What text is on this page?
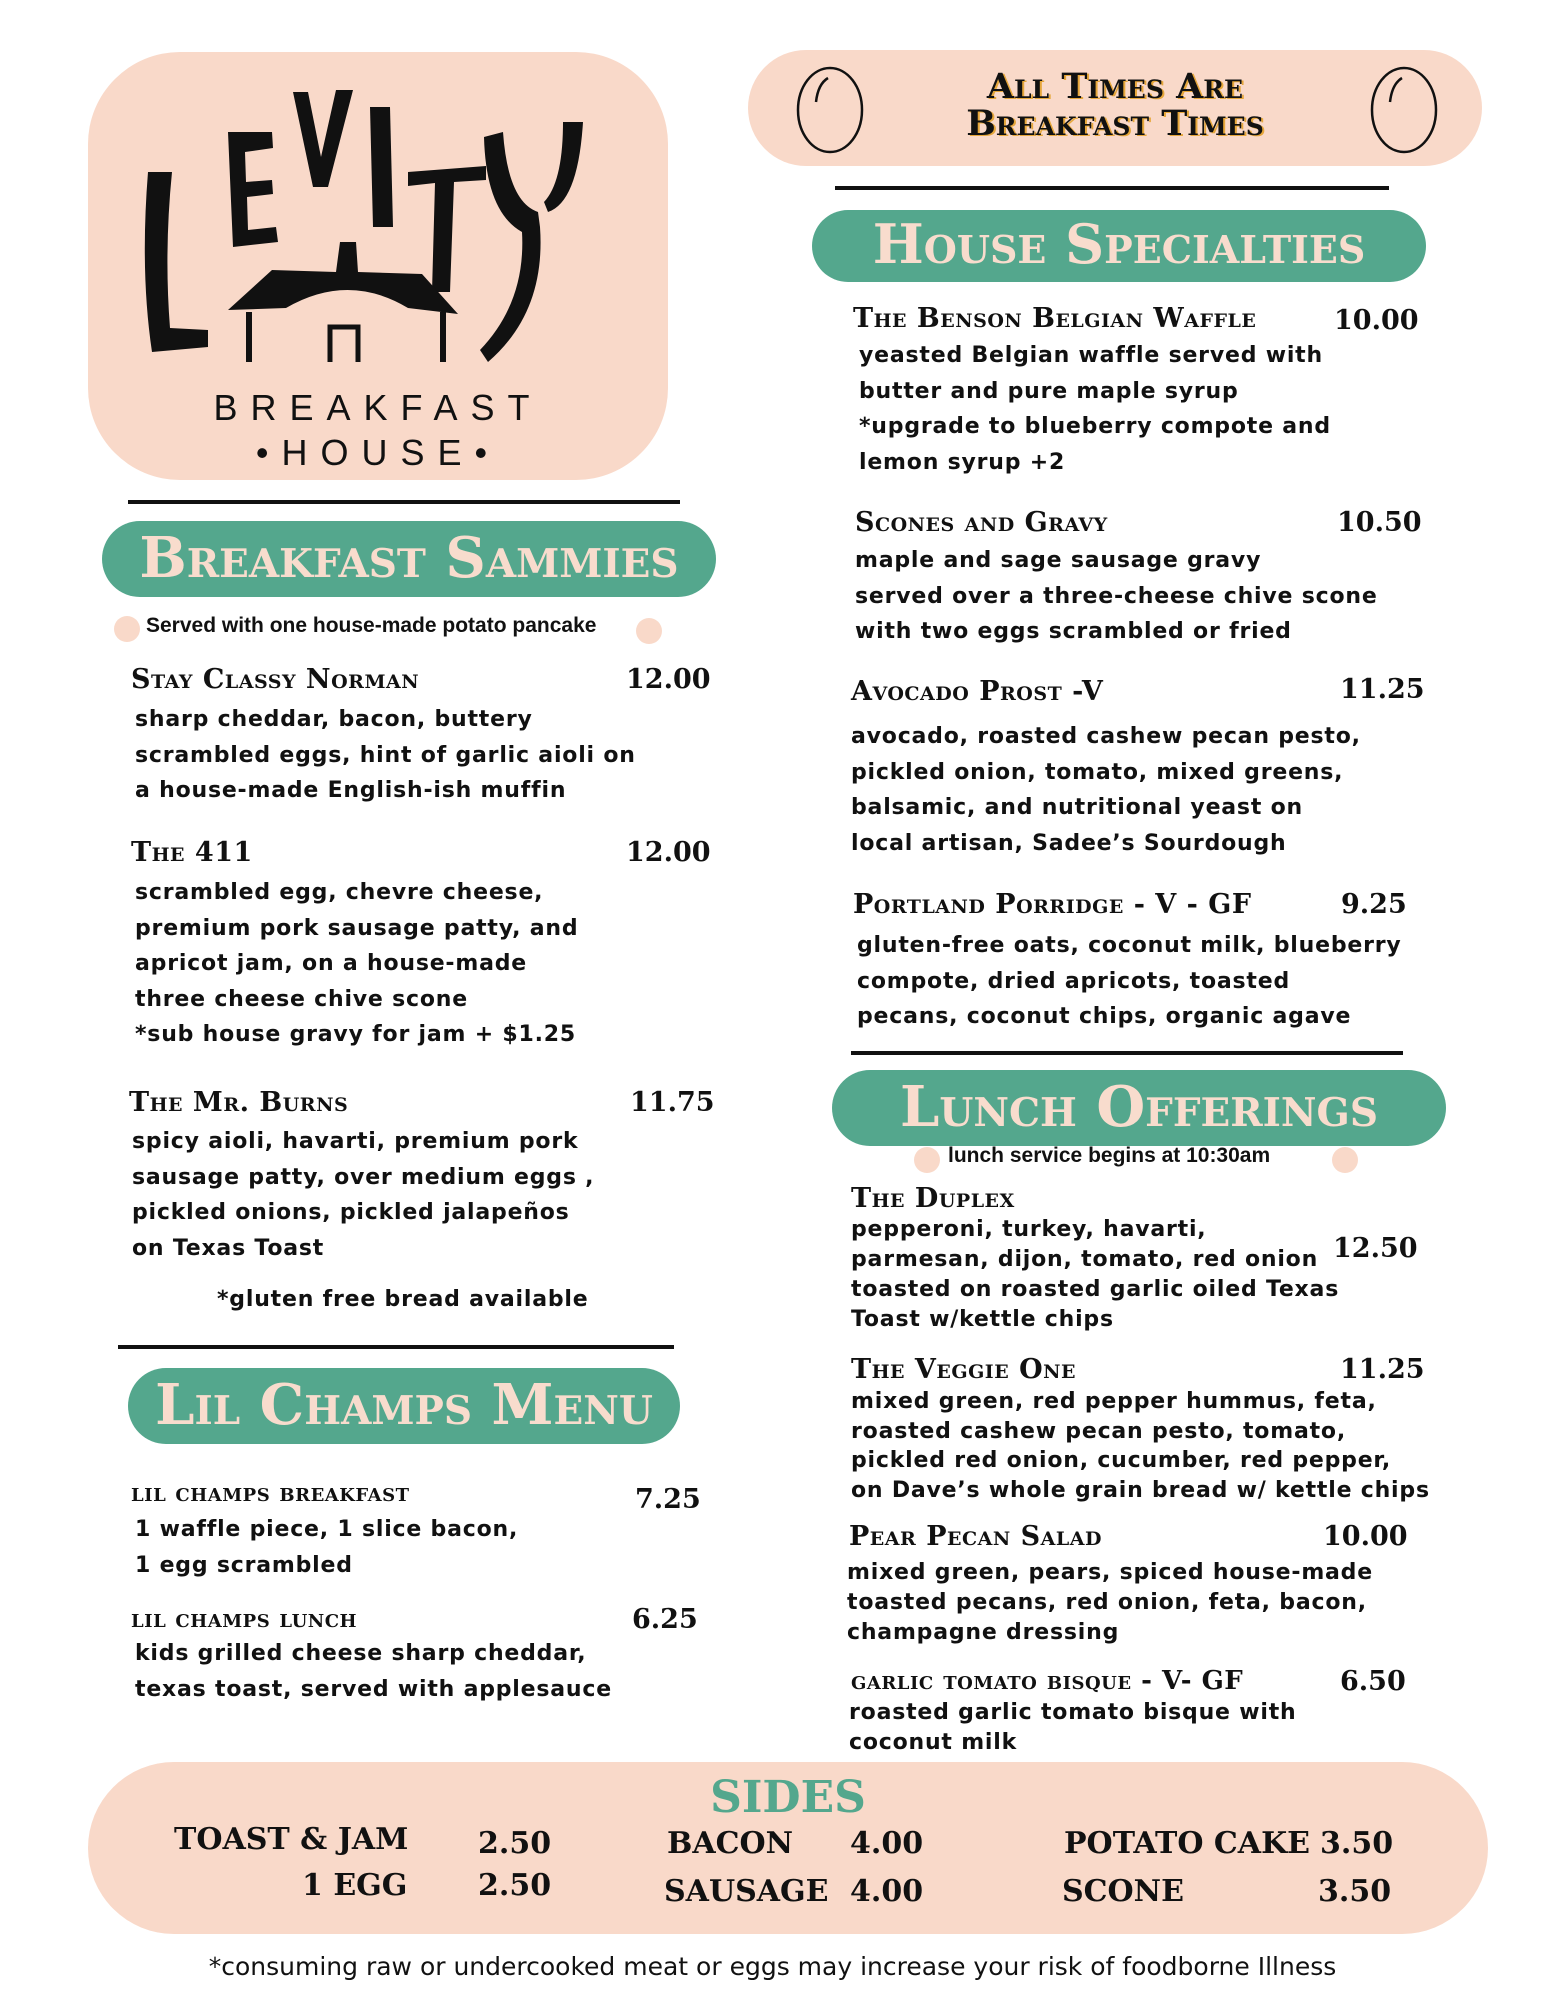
BREAKFAST
•HOUSE•
All Times Are
Breakfast Times
Breakfast Sammies
Served with one house-made potato pancake
Stay Classy Norman	12.00
sharp cheddar, bacon, buttery
scrambled eggs, hint of garlic aioli on
a house-made English-ish muffin
The 411	12.00
scrambled egg, chevre cheese,
premium pork sausage patty, and
apricot jam, on a house-made
three cheese chive scone
*sub house gravy for jam + $1.25
The Mr. Burns	11.75
spicy aioli, havarti, premium pork
sausage patty, over medium eggs ,
pickled onions, pickled jalapeños
on Texas Toast
*gluten free bread available
Lil Champs Menu
lil champs breakfast	7.25
1 waffle piece, 1 slice bacon,
1 egg scrambled
lil champs lunch	6.25
kids grilled cheese sharp cheddar,
texas toast, served with applesauce
House Specialties
The Benson Belgian Waffle	10.00
yeasted Belgian waffle served with
butter and pure maple syrup
*upgrade to blueberry compote and
lemon syrup +2
Scones and Gravy	10.50
maple and sage sausage gravy
served over a three-cheese chive scone
with two eggs scrambled or fried
Avocado Prost -V	11.25
avocado, roasted cashew pecan pesto,
pickled onion, tomato, mixed greens,
balsamic, and nutritional yeast on
local artisan, Sadee’s Sourdough
Portland Porridge - V - GF	9.25
gluten-free oats, coconut milk, blueberry
compote, dried apricots, toasted
pecans, coconut chips, organic agave
Lunch Offerings
lunch service begins at 10:30am
The Duplex
12.50
pepperoni, turkey, havarti,
parmesan, dijon, tomato, red onion
toasted on roasted garlic oiled Texas
Toast w/kettle chips
The Veggie One	11.25
mixed green, red pepper hummus, feta,
roasted cashew pecan pesto, tomato,
pickled red onion, cucumber, red pepper,
on Dave’s whole grain bread w/ kettle chips
Pear Pecan Salad	10.00
mixed green, pears, spiced house-made
toasted pecans, red onion, feta, bacon,
champagne dressing
garlic tomato bisque - V- GF	6.50
roasted garlic tomato bisque with
coconut milk
SIDES
TOAST & JAM 2.50
1 EGG 2.50
BACON 4.00
SAUSAGE 4.00
POTATO CAKE 3.50
SCONE	3.50
*consuming raw or undercooked meat or eggs may increase your risk of foodborne Illness
